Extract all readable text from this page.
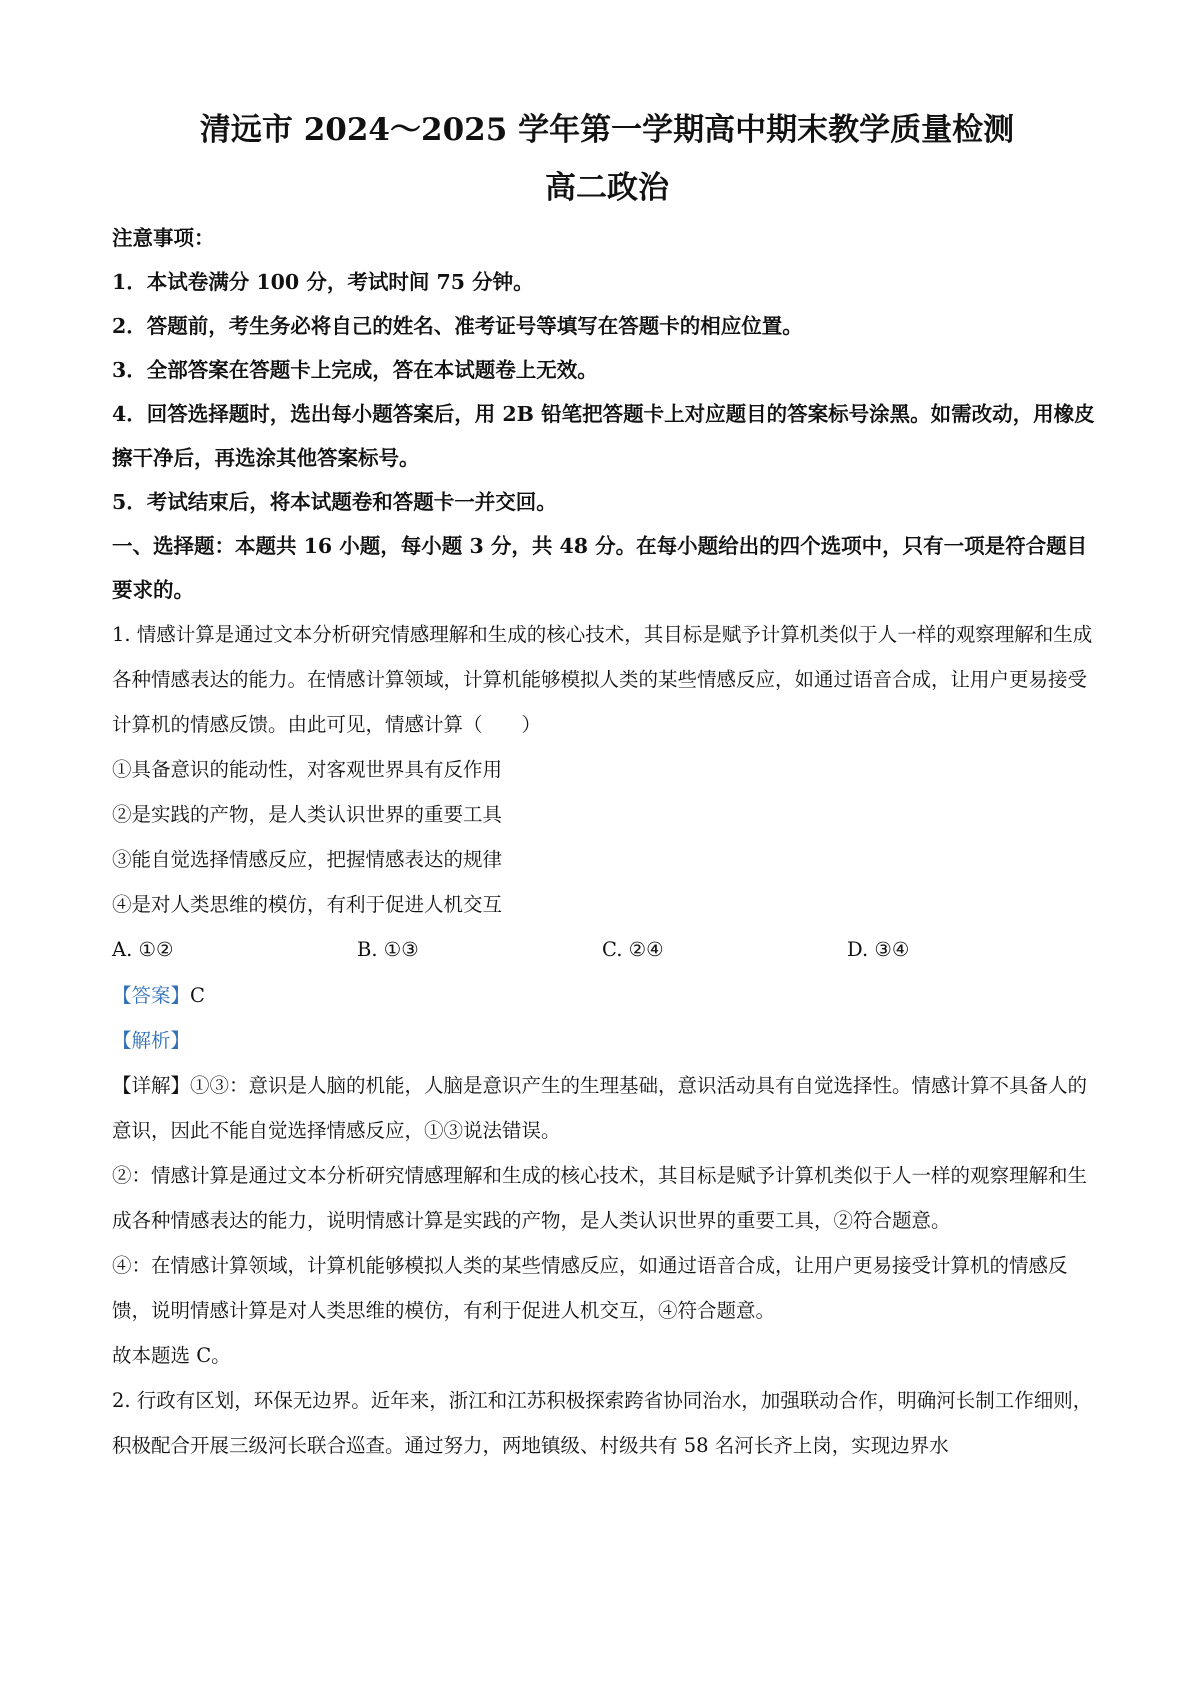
清远市 2024～2025 学年第一学期高中期末教学质量检测

高二政治

注意事项：

1．本试卷满分 100 分，考试时间 75 分钟。

2．答题前，考生务必将自己的姓名、准考证号等填写在答题卡的相应位置。

3．全部答案在答题卡上完成，答在本试题卷上无效。

4．回答选择题时，选出每小题答案后，用 2B 铅笔把答题卡上对应题目的答案标号涂黑。如需改动，用橡皮擦干净后，再选涂其他答案标号。

5．考试结束后，将本试题卷和答题卡一并交回。

一、选择题：本题共 16 小题，每小题 3 分，共 48 分。在每小题给出的四个选项中，只有一项是符合题目要求的。

1. 情感计算是通过文本分析研究情感理解和生成的核心技术，其目标是赋予计算机类似于人一样的观察理解和生成各种情感表达的能力。在情感计算领域，计算机能够模拟人类的某些情感反应，如通过语音合成，让用户更易接受计算机的情感反馈。由此可见，情感计算（　　）

①具备意识的能动性，对客观世界具有反作用

②是实践的产物，是人类认识世界的重要工具

③能自觉选择情感反应，把握情感表达的规律

④是对人类思维的模仿，有利于促进人机交互

A. ①②	B. ①③	C. ②④	D. ③④

【答案】C

【解析】

【详解】①③：意识是人脑的机能，人脑是意识产生的生理基础，意识活动具有自觉选择性。情感计算不具备人的意识，因此不能自觉选择情感反应，①③说法错误。

②：情感计算是通过文本分析研究情感理解和生成的核心技术，其目标是赋予计算机类似于人一样的观察理解和生成各种情感表达的能力，说明情感计算是实践的产物，是人类认识世界的重要工具，②符合题意。

④：在情感计算领域，计算机能够模拟人类的某些情感反应，如通过语音合成，让用户更易接受计算机的情感反馈，说明情感计算是对人类思维的模仿，有利于促进人机交互，④符合题意。

故本题选 C。

2. 行政有区划，环保无边界。近年来，浙江和江苏积极探索跨省协同治水，加强联动合作，明确河长制工作细则，积极配合开展三级河长联合巡查。通过努力，两地镇级、村级共有 58 名河长齐上岗，实现边界水
